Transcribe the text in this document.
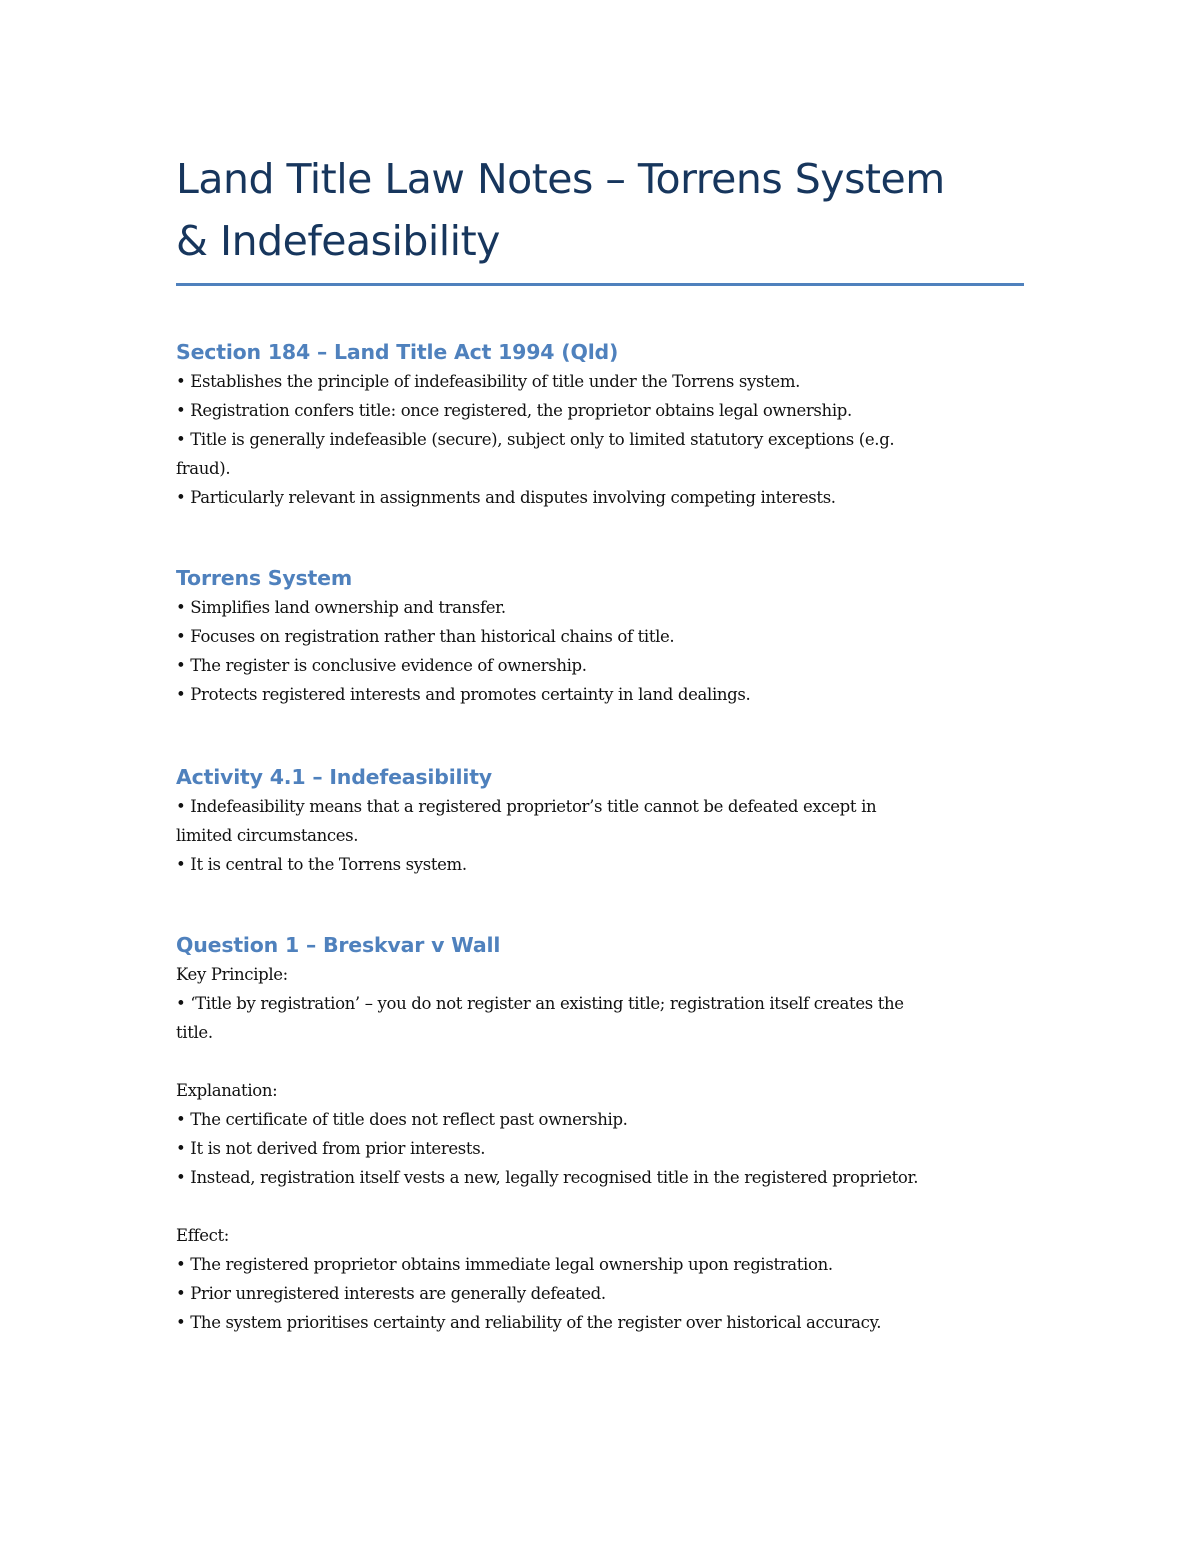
Land Title Law Notes – Torrens System
& Indefeasibility
Section 184 – Land Title Act 1994 (Qld)

• Establishes the principle of indefeasibility of title under the Torrens system.

• Registration confers title: once registered, the proprietor obtains legal ownership.

• Title is generally indefeasible (secure), subject only to limited statutory exceptions (e.g.

fraud).

• Particularly relevant in assignments and disputes involving competing interests.

Torrens System

• Simplifies land ownership and transfer.

• Focuses on registration rather than historical chains of title.

• The register is conclusive evidence of ownership.

• Protects registered interests and promotes certainty in land dealings.

Activity 4.1 – Indefeasibility

• Indefeasibility means that a registered proprietor’s title cannot be defeated except in

limited circumstances.

• It is central to the Torrens system.

Question 1 – Breskvar v Wall

Key Principle:

• ‘Title by registration’ – you do not register an existing title; registration itself creates the

title.

Explanation:

• The certificate of title does not reflect past ownership.

• It is not derived from prior interests.

• Instead, registration itself vests a new, legally recognised title in the registered proprietor.

Effect:

• The registered proprietor obtains immediate legal ownership upon registration.

• Prior unregistered interests are generally defeated.

• The system prioritises certainty and reliability of the register over historical accuracy.
